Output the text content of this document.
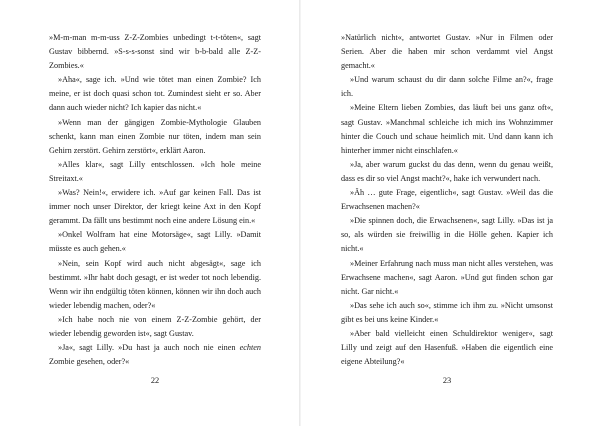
»M-m-man m-m-uss Z-Z-Zombies unbedingt t-t-töten«, sagt Gustav bibbernd. »S-s-s-sonst sind wir b-b-bald alle Z-Z-Zombies.«

»Aha«, sage ich. »Und wie tötet man einen Zombie? Ich meine, er ist doch quasi schon tot. Zumindest sieht er so. Aber dann auch wieder nicht? Ich kapier das nicht.«

»Wenn man der gängigen Zombie-Mythologie Glauben schenkt, kann man einen Zombie nur töten, indem man sein Gehirn zerstört. Gehirn zerstört«, erklärt Aaron.

»Alles klar«, sagt Lilly entschlossen. »Ich hole meine Streitaxt.«

»Was? Nein!«, erwidere ich. »Auf gar keinen Fall. Das ist immer noch unser Direktor, der kriegt keine Axt in den Kopf gerammt. Da fällt uns bestimmt noch eine andere Lösung ein.«

»Onkel Wolfram hat eine Motorsäge«, sagt Lilly. »Damit müsste es auch gehen.«

»Nein, sein Kopf wird auch nicht abgesägt«, sage ich bestimmt. »Ihr habt doch gesagt, er ist weder tot noch lebendig. Wenn wir ihn endgültig töten können, können wir ihn doch auch wieder lebendig machen, oder?«

»Ich habe noch nie von einem Z-Z-Zombie gehört, der wieder lebendig geworden ist«, sagt Gustav.

»Ja«, sagt Lilly. »Du hast ja auch noch nie einen echten Zombie gesehen, oder?«

22

»Natürlich nicht«, antwortet Gustav. »Nur in Filmen oder Serien. Aber die haben mir schon verdammt viel Angst gemacht.«

»Und warum schaust du dir dann solche Filme an?«, frage ich.

»Meine Eltern lieben Zombies, das läuft bei uns ganz oft«, sagt Gustav. »Manchmal schleiche ich mich ins Wohnzimmer hinter die Couch und schaue heimlich mit. Und dann kann ich hinterher immer nicht einschlafen.«

»Ja, aber warum guckst du das denn, wenn du genau weißt, dass es dir so viel Angst macht?«, hake ich verwundert nach.

»Äh … gute Frage, eigentlich«, sagt Gustav. »Weil das die Erwachsenen machen?«

»Die spinnen doch, die Erwachsenen«, sagt Lilly. »Das ist ja so, als würden sie freiwillig in die Hölle gehen. Kapier ich nicht.«

»Meiner Erfahrung nach muss man nicht alles verstehen, was Erwachsene machen«, sagt Aaron. »Und gut finden schon gar nicht. Gar nicht.«

»Das sehe ich auch so«, stimme ich ihm zu. »Nicht umsonst gibt es bei uns keine Kinder.«

»Aber bald vielleicht einen Schuldirektor weniger«, sagt Lilly und zeigt auf den Hasenfuß. »Haben die eigentlich eine eigene Abteilung?«

23
